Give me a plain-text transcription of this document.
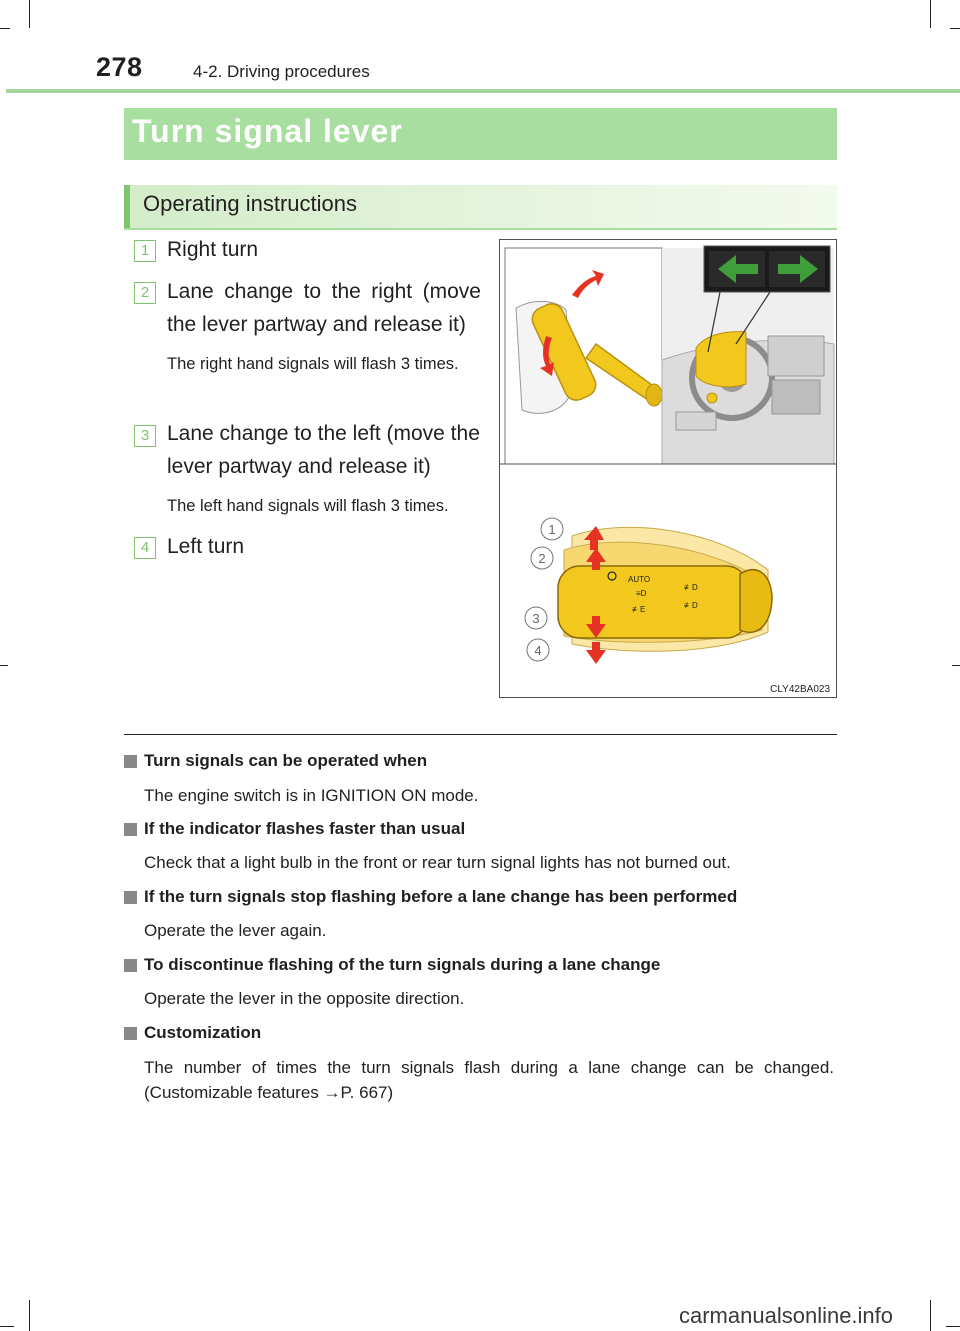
278	4-2. Driving procedures
Turn signal lever
Operating instructions
1 Right turn
2 Lane change to the right (move the lever partway and release it)
The right hand signals will flash 3 times.
3 Lane change to the left (move the lever partway and release it)
The left hand signals will flash 3 times.
4 Left turn
AUTO
≡D
≢E
≢D
≢D
1
2
3
4
CLY42BA023
Turn signals can be operated when
The engine switch is in IGNITION ON mode.
If the indicator flashes faster than usual
Check that a light bulb in the front or rear turn signal lights has not burned out.
If the turn signals stop flashing before a lane change has been performed
Operate the lever again.
To discontinue flashing of the turn signals during a lane change
Operate the lever in the opposite direction.
Customization
The number of times the turn signals flash during a lane change can be changed. (Customizable features →P. 667)
carmanualsonline.info
